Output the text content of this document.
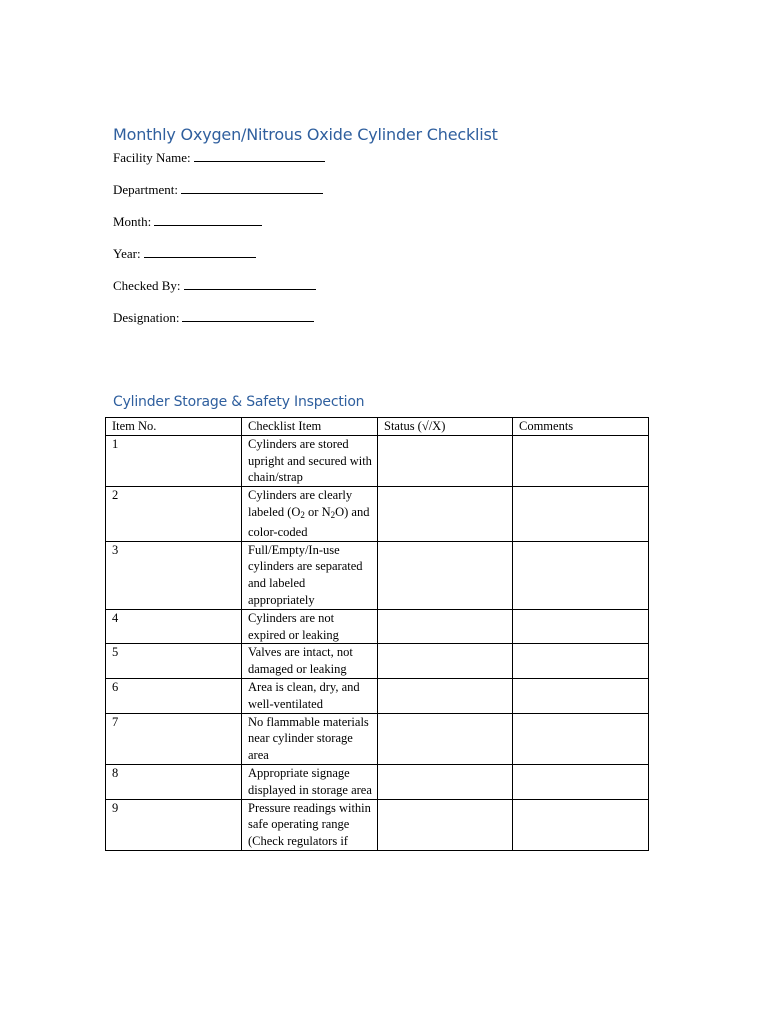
Monthly Oxygen/Nitrous Oxide Cylinder Checklist
Facility Name:
Department:
Month:
Year:
Checked By:
Designation:
Cylinder Storage & Safety Inspection
Item No.	Checklist Item	Status (√/X)	Comments
1	Cylinders are stored upright and secured with chain/strap		
2	Cylinders are clearly labeled ($O_2$ or $N_2O$) and color-coded		
3	Full/Empty/In-use cylinders are separated and labeled appropriately		
4	Cylinders are not expired or leaking		
5	Valves are intact, not damaged or leaking		
6	Area is clean, dry, and well-ventilated		
7	No flammable materials near cylinder storage area		
8	Appropriate signage displayed in storage area		
9	Pressure readings within safe operating range (Check regulators if		
